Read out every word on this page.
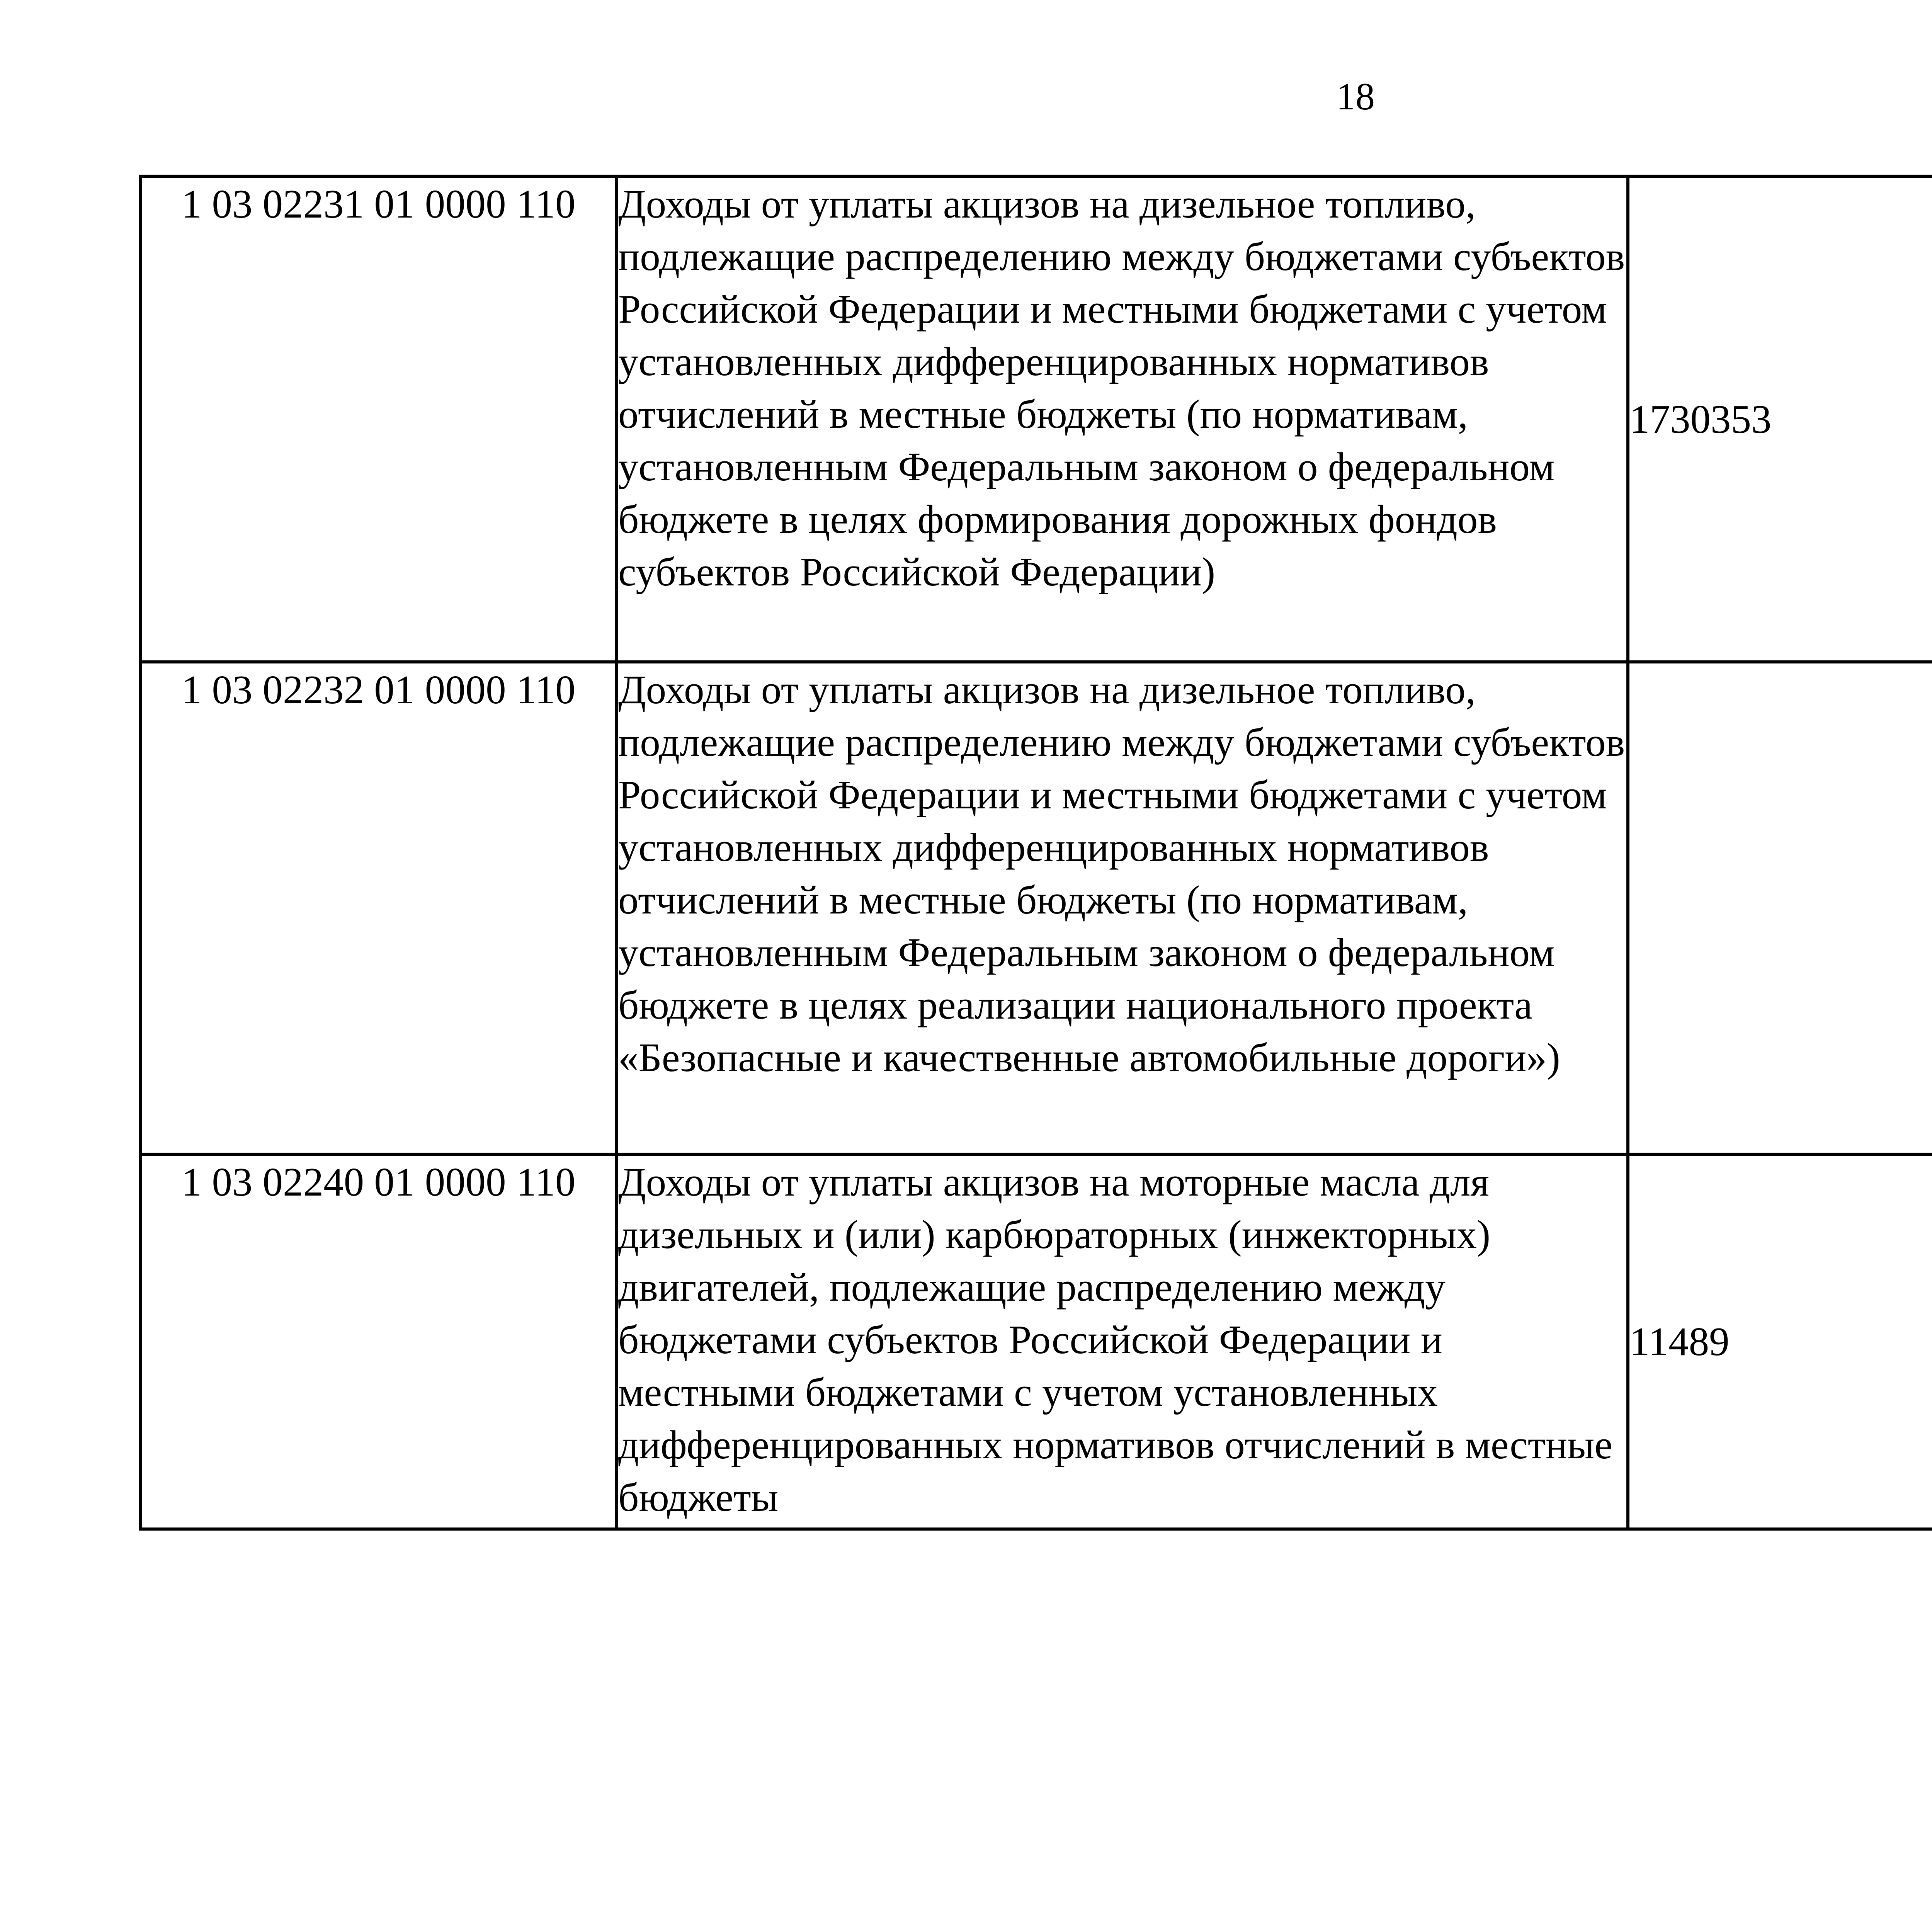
18
1 03 02231 01 0000 110	Доходы от уплаты акцизов на дизельное топливо, подлежащие распределению между бюджетами субъектов Российской Федерации и местными бюджетами с учетом установленных дифференцированных нормативов отчислений в местные бюджеты (по нормативам, установленным Федеральным законом о федеральном бюджете в целях формирования дорожных фондов субъектов Российской Федерации)	1730353		
1 03 02232 01 0000 110	Доходы от уплаты акцизов на дизельное топливо, подлежащие распределению между бюджетами субъектов Российской Федерации и местными бюджетами с учетом установленных дифференцированных нормативов отчислений в местные бюджеты (по нормативам, установленным Федеральным законом о федеральном бюджете в целях реализации национального проекта «Безопасные и качественные автомобильные дороги»)			
1 03 02240 01 0000 110	Доходы от уплаты акцизов на моторные масла для дизельных и (или) карбюраторных (инжекторных) двигателей, подлежащие распределению между бюджетами субъектов Российской Федерации и местными бюджетами с учетом установленных дифференцированных нормативов отчислений в местные бюджеты	11489		
